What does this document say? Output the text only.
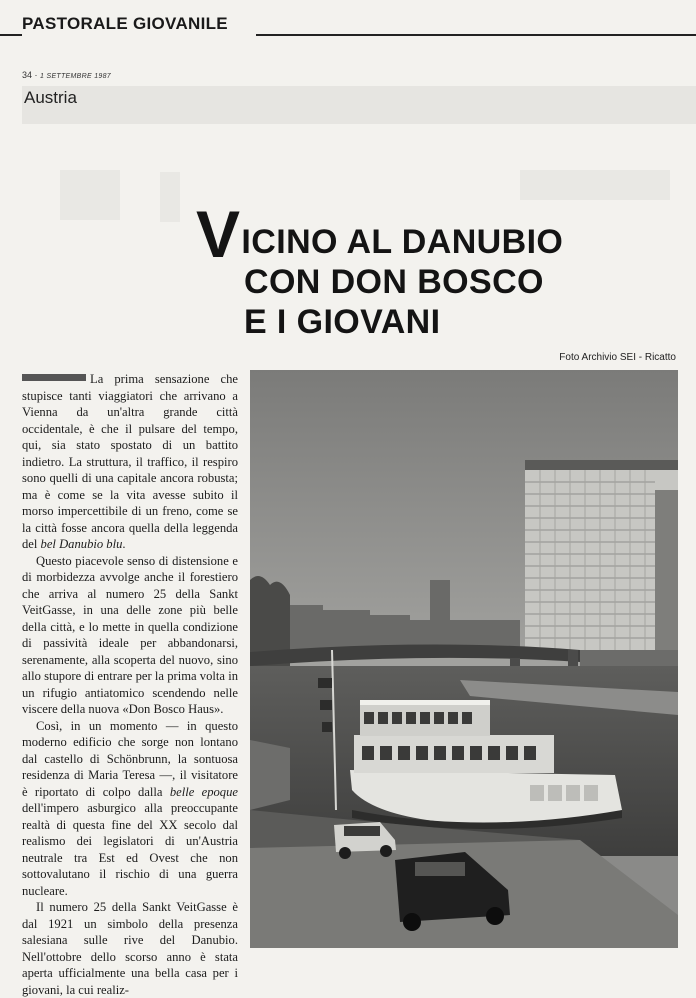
PASTORALE GIOVANILE
34 · 1 SETTEMBRE 1987
Austria
VICINO AL DANUBIO
CON DON BOSCO
E I GIOVANI
Foto Archivio SEI - Ricatto

La prima sensazione che stupisce tanti viaggiatori che arrivano a Vienna da un'altra grande città occidentale, è che il pulsare del tempo, qui, sia stato spostato di un battito indietro. La struttura, il traffico, il respiro sono quelli di una capitale ancora robusta; ma è come se la vita avesse subito il morso impercettibile di un freno, come se la città fosse ancora quella della leggenda del bel Danubio blu.

Questo piacevole senso di distensione e di morbidezza avvolge anche il forestiero che arriva al numero 25 della Sankt VeitGasse, in una delle zone più belle della città, e lo mette in quella condizione di passività ideale per abbandonarsi, serenamente, alla scoperta del nuovo, sino allo stupore di entrare per la prima volta in un rifugio antiatomico scendendo nelle viscere della nuova «Don Bosco Haus».

Così, in un momento — in questo moderno edificio che sorge non lontano dal castello di Schönbrunn, la sontuosa residenza di Maria Teresa —, il visitatore è riportato di colpo dalla belle epoque dell'impero asburgico alla preoccupante realtà di questa fine del XX secolo dal realismo dei legislatori di un'Austria neutrale tra Est ed Ovest che non sottovalutano il rischio di una guerra nucleare.

Il numero 25 della Sankt VeitGasse è dal 1921 un simbolo della presenza salesiana sulle rive del Danubio. Nell'ottobre dello scorso anno è stata aperta ufficialmente una bella casa per i giovani, la cui realiz-
